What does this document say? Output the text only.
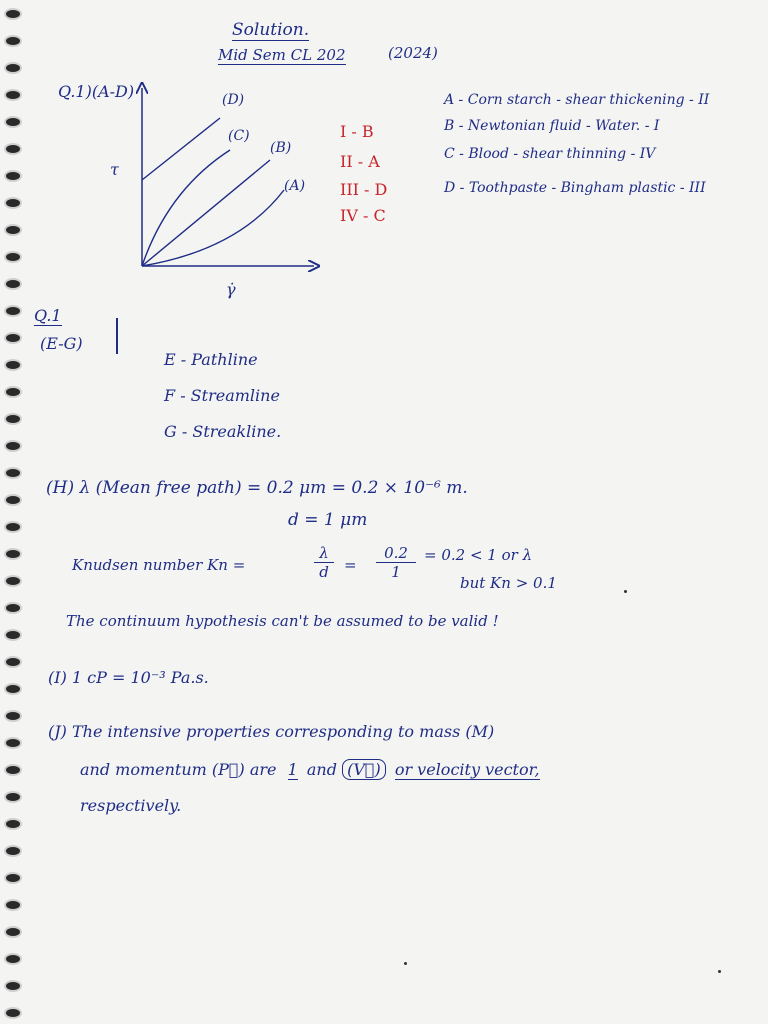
Solution.
Mid Sem CL 202	(2024)
Q.1)(A-D)	(D)
(C)
(B)
(A)
τ
γ̇
I - B
II - A
III - D
IV - C
A - Corn starch - shear thickening - II
B - Newtonian fluid - Water. - I
C - Blood - shear thinning - IV
D - Toothpaste - Bingham plastic - III
Q.1
(E-G)
E - Pathline
F - Streamline
G - Streakline.
(H) λ (Mean free path) = 0.2 μm = 0.2 × 10⁻⁶ m.
d = 1 μm
Knudsen number Kn =	$\frac{\lambda}{d} = \frac{0.2}{1} = 0.2 < 1$ or λ
but Kn > 0.1
The continuum hypothesis can't be assumed to be valid !
(I) 1 cP = 10⁻³ Pa.s.
(J) The intensive properties corresponding to mass (M)
and momentum (P⃗) are 1 and (V⃗) or velocity vector,
respectively.
